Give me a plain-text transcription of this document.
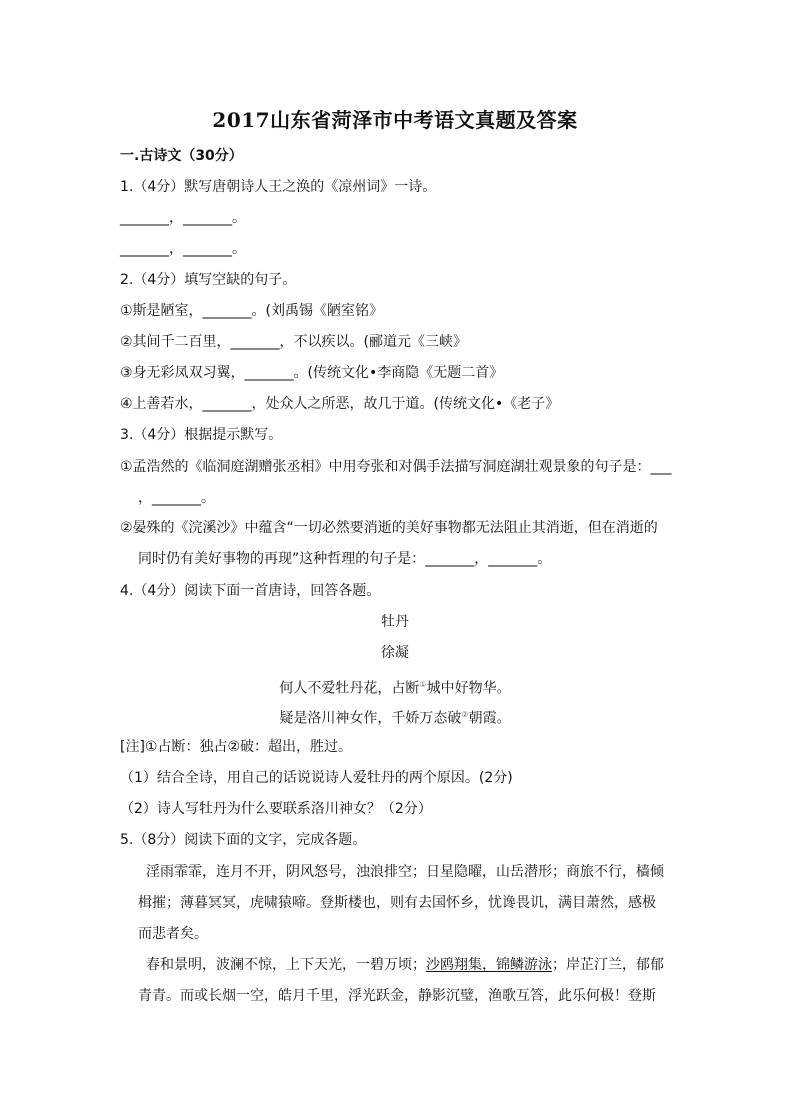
2017山东省菏泽市中考语文真题及答案
一.古诗文（30分）
1.（4分）默写唐朝诗人王之涣的《凉州词》一诗。
_______，_______。
_______，_______。
2.（4分）填写空缺的句子。
①斯是陋室，_______。(刘禹锡《陋室铭》
②其间千二百里，_______，不以疾以。(郦道元《三峡》
③身无彩凤双习翼，_______。(传统文化•李商隐《无题二首》
④上善若水，_______，处众人之所恶，故几于道。(传统文化•《老子》
3.（4分）根据提示默写。
①孟浩然的《临洞庭湖赠张丞相》中用夸张和对偶手法描写洞庭湖壮观景象的句子是：___
，_______。
②晏殊的《浣溪沙》中蕴含“一切必然要消逝的美好事物都无法阻止其消逝，但在消逝的
同时仍有美好事物的再现”这种哲理的句子是：_______，_______。
4.（4分）阅读下面一首唐诗，回答各题。
牡丹
徐凝
何人不爱牡丹花，占断①城中好物华。
疑是洛川神女作，千娇万态破②朝霞。
[注]①占断：独占②破：超出，胜过。
（1）结合全诗，用自己的话说说诗人爱牡丹的两个原因。(2分)
（2）诗人写牡丹为什么要联系洛川神女？（2分）
5.（8分）阅读下面的文字，完成各题。
淫雨霏霏，连月不开，阴风怒号，浊浪排空；日星隐曜，山岳潜形；商旅不行，樯倾
楫摧；薄暮冥冥，虎啸猿啼。登斯楼也，则有去国怀乡，忧谗畏讥，满目萧然，感极
而悲者矣。
春和景明，波澜不惊，上下天光，一碧万顷；沙鸥翔集，锦鳞游泳；岸芷汀兰，郁郁
青青。而或长烟一空，皓月千里，浮光跃金，静影沉璧，渔歌互答，此乐何极！登斯
